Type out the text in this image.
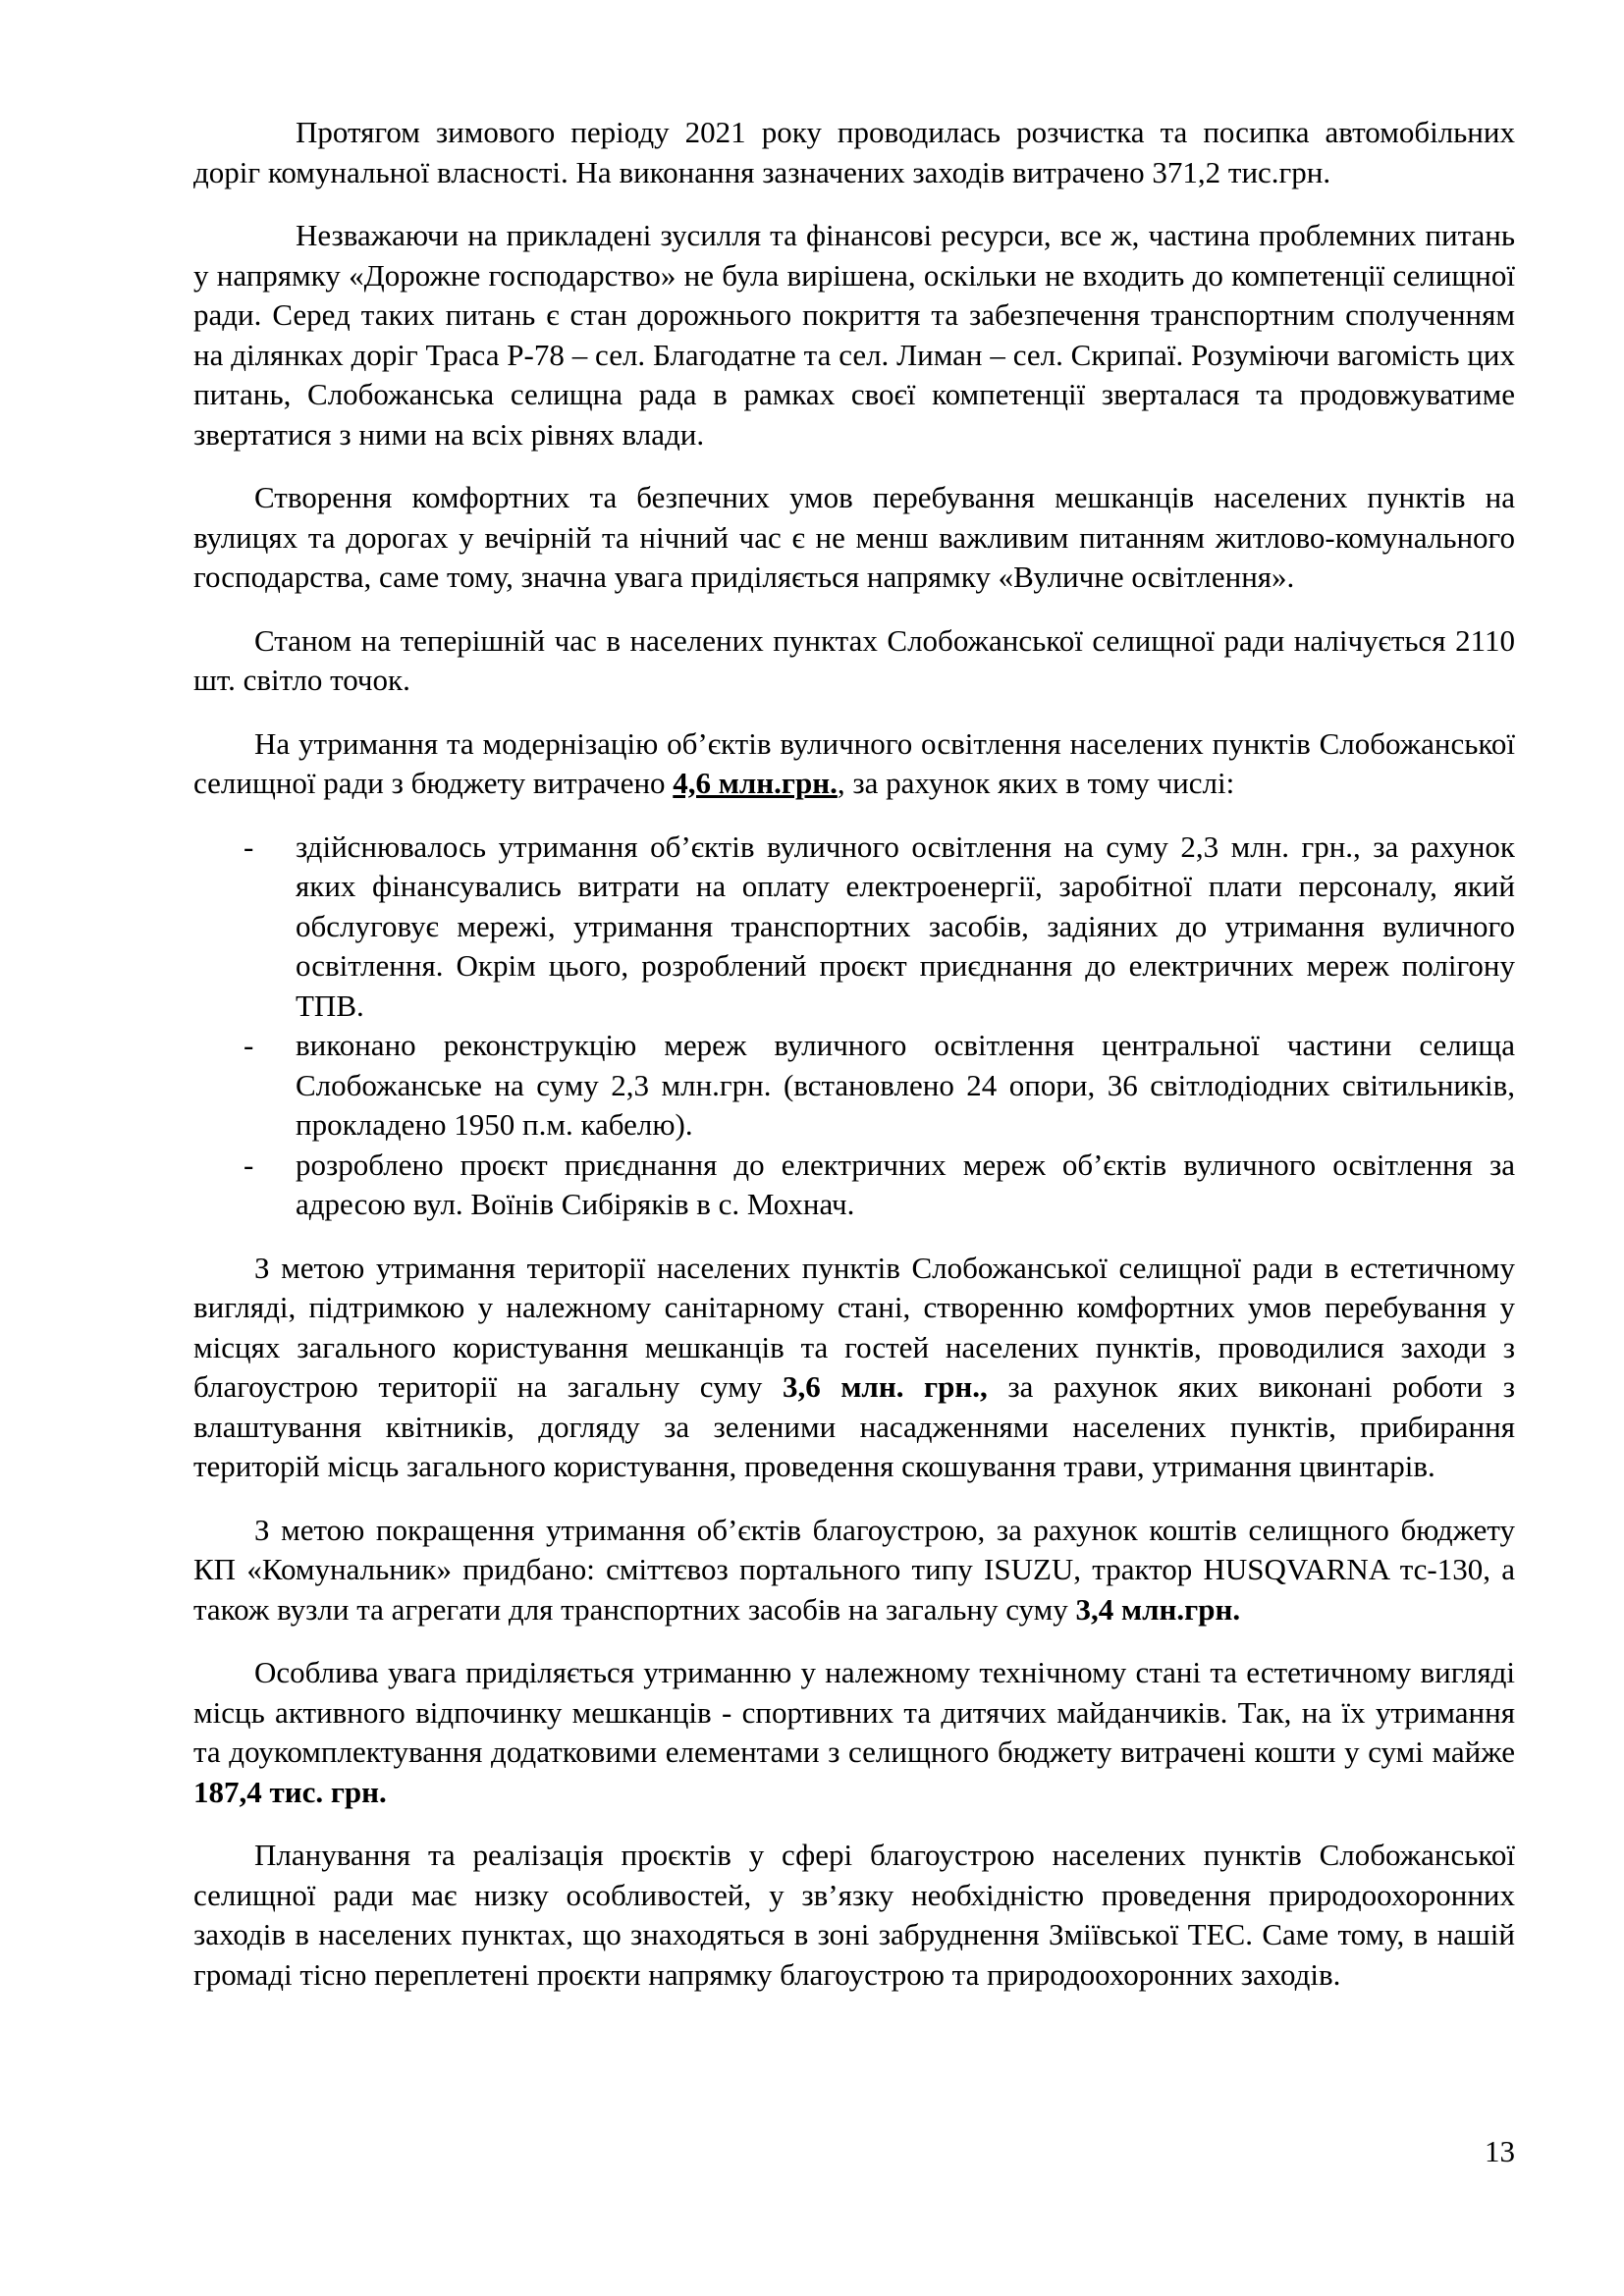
Протягом зимового періоду 2021 року проводилась розчистка та посипка автомобільних доріг комунальної власності. На виконання зазначених заходів витрачено 371,2 тис.грн.

Незважаючи на прикладені зусилля та фінансові ресурси, все ж, частина проблемних питань у напрямку «Дорожне господарство» не була вирішена, оскільки не входить до компетенції селищної ради. Серед таких питань є стан дорожнього покриття та забезпечення транспортним сполученням на ділянках доріг Траса Р-78 – сел. Благодатне та сел. Лиман – сел. Скрипаї. Розуміючи вагомість цих питань, Слобожанська селищна рада в рамках своєї компетенції зверталася та продовжуватиме звертатися з ними на всіх рівнях влади.

Створення комфортних та безпечних умов перебування мешканців населених пунктів на вулицях та дорогах у вечірній та нічний час є не менш важливим питанням житлово-комунального господарства, саме тому, значна увага приділяється напрямку «Вуличне освітлення».

Станом на теперішній час в населених пунктах Слобожанської селищної ради налічується 2110 шт. світло точок.

На утримання та модернізацію об’єктів вуличного освітлення населених пунктів Слобожанської селищної ради з бюджету витрачено 4,6 млн.грн., за рахунок яких в тому числі:

- здійснювалось утримання об’єктів вуличного освітлення на суму 2,3 млн. грн., за рахунок яких фінансувались витрати на оплату електроенергії, заробітної плати персоналу, який обслуговує мережі, утримання транспортних засобів, задіяних до утримання вуличного освітлення. Окрім цього, розроблений проєкт приєднання до електричних мереж полігону ТПВ.
- виконано реконструкцію мереж вуличного освітлення центральної частини селища Слобожанське на суму 2,3 млн.грн. (встановлено 24 опори, 36 світлодіодних світильників, прокладено 1950 п.м. кабелю).
- розроблено проєкт приєднання до електричних мереж об’єктів вуличного освітлення за адресою вул. Воїнів Сибіряків в с. Мохнач.

З метою утримання території населених пунктів Слобожанської селищної ради в естетичному вигляді, підтримкою у належному санітарному стані, створенню комфортних умов перебування у місцях загального користування мешканців та гостей населених пунктів, проводилися заходи з благоустрою території на загальну суму 3,6 млн. грн., за рахунок яких виконані роботи з влаштування квітників, догляду за зеленими насадженнями населених пунктів, прибирання територій місць загального користування, проведення скошування трави, утримання цвинтарів.

З метою покращення утримання об’єктів благоустрою, за рахунок коштів селищного бюджету КП «Комунальник» придбано: сміттєвоз портального типу ISUZU, трактор HUSQVARNA тс-130, а також вузли та агрегати для транспортних засобів на загальну суму 3,4 млн.грн.

Особлива увага приділяється утриманню у належному технічному стані та естетичному вигляді місць активного відпочинку мешканців - спортивних та дитячих майданчиків. Так, на їх утримання та доукомплектування додатковими елементами з селищного бюджету витрачені кошти у сумі майже 187,4 тис. грн.

Планування та реалізація проєктів у сфері благоустрою населених пунктів Слобожанської селищної ради має низку особливостей, у зв’язку необхідністю проведення природоохоронних заходів в населених пунктах, що знаходяться в зоні забруднення Зміївської ТЕС. Саме тому, в нашій громаді тісно переплетені проєкти напрямку благоустрою та природоохоронних заходів.

13
